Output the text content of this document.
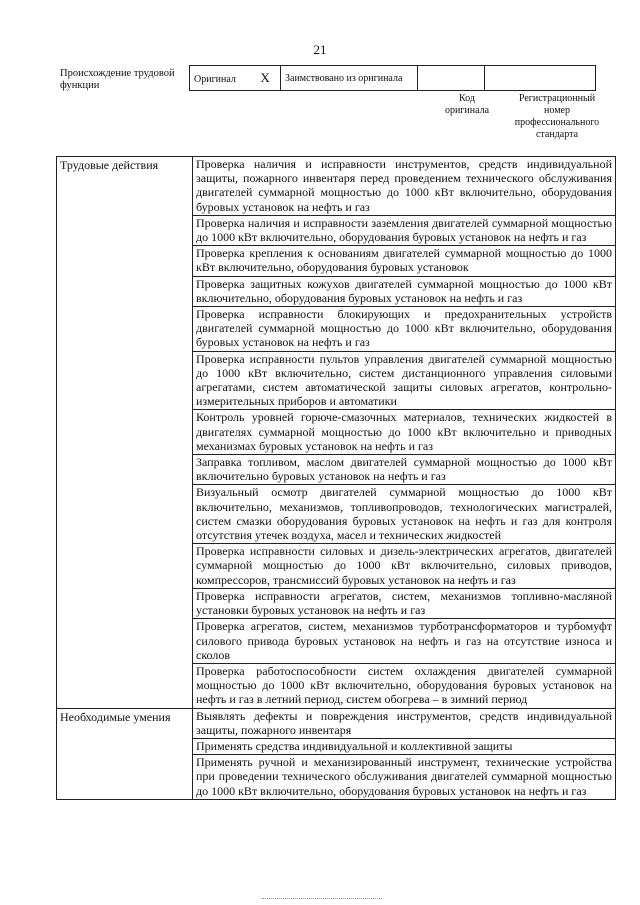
21
Происхождение трудовой функции
Оригинал X	Заимствовано из оригинала		
Код оригинала
Регистрационный номер профессионального стандарта
Трудовые действия	Проверка наличия и исправности инструментов, средств индивидуальной защиты, пожарного инвентаря перед проведением технического обслуживания двигателей суммарной мощностью до 1000 кВт включительно, оборудования буровых установок на нефть и газ
	Проверка наличия и исправности заземления двигателей суммарной мощностью до 1000 кВт включительно, оборудования буровых установок на нефть и газ
	Проверка крепления к основаниям двигателей суммарной мощностью до 1000 кВт включительно, оборудования буровых установок
	Проверка защитных кожухов двигателей суммарной мощностью до 1000 кВт включительно, оборудования буровых установок на нефть и газ
	Проверка исправности блокирующих и предохранительных устройств двигателей суммарной мощностью до 1000 кВт включительно, оборудования буровых установок на нефть и газ
	Проверка исправности пультов управления двигателей суммарной мощностью до 1000 кВт включительно, систем дистанционного управления силовыми агрегатами, систем автоматической защиты силовых агрегатов, контрольно-измерительных приборов и автоматики
	Контроль уровней горюче-смазочных материалов, технических жидкостей в двигателях суммарной мощностью до 1000 кВт включительно и приводных механизмах буровых установок на нефть и газ
	Заправка топливом, маслом двигателей суммарной мощностью до 1000 кВт включительно буровых установок на нефть и газ
	Визуальный осмотр двигателей суммарной мощностью до 1000 кВт включительно, механизмов, топливопроводов, технологических магистралей, систем смазки оборудования буровых установок на нефть и газ для контроля отсутствия утечек воздуха, масел и технических жидкостей
	Проверка исправности силовых и дизель-электрических агрегатов, двигателей суммарной мощностью до 1000 кВт включительно, силовых приводов, компрессоров, трансмиссий буровых установок на нефть и газ
	Проверка исправности агрегатов, систем, механизмов топливно-масляной установки буровых установок на нефть и газ
	Проверка агрегатов, систем, механизмов турботрансформаторов и турбомуфт силового привода буровых установок на нефть и газ на отсутствие износа и сколов
	Проверка работоспособности систем охлаждения двигателей суммарной мощностью до 1000 кВт включительно, оборудования буровых установок на нефть и газ в летний период, систем обогрева – в зимний период
Необходимые умения	Выявлять дефекты и повреждения инструментов, средств индивидуальной защиты, пожарного инвентаря
	Применять средства индивидуальной и коллективной защиты
	Применять ручной и механизированный инструмент, технические устройства при проведении технического обслуживания двигателей суммарной мощностью до 1000 кВт включительно, оборудования буровых установок на нефть и газ
